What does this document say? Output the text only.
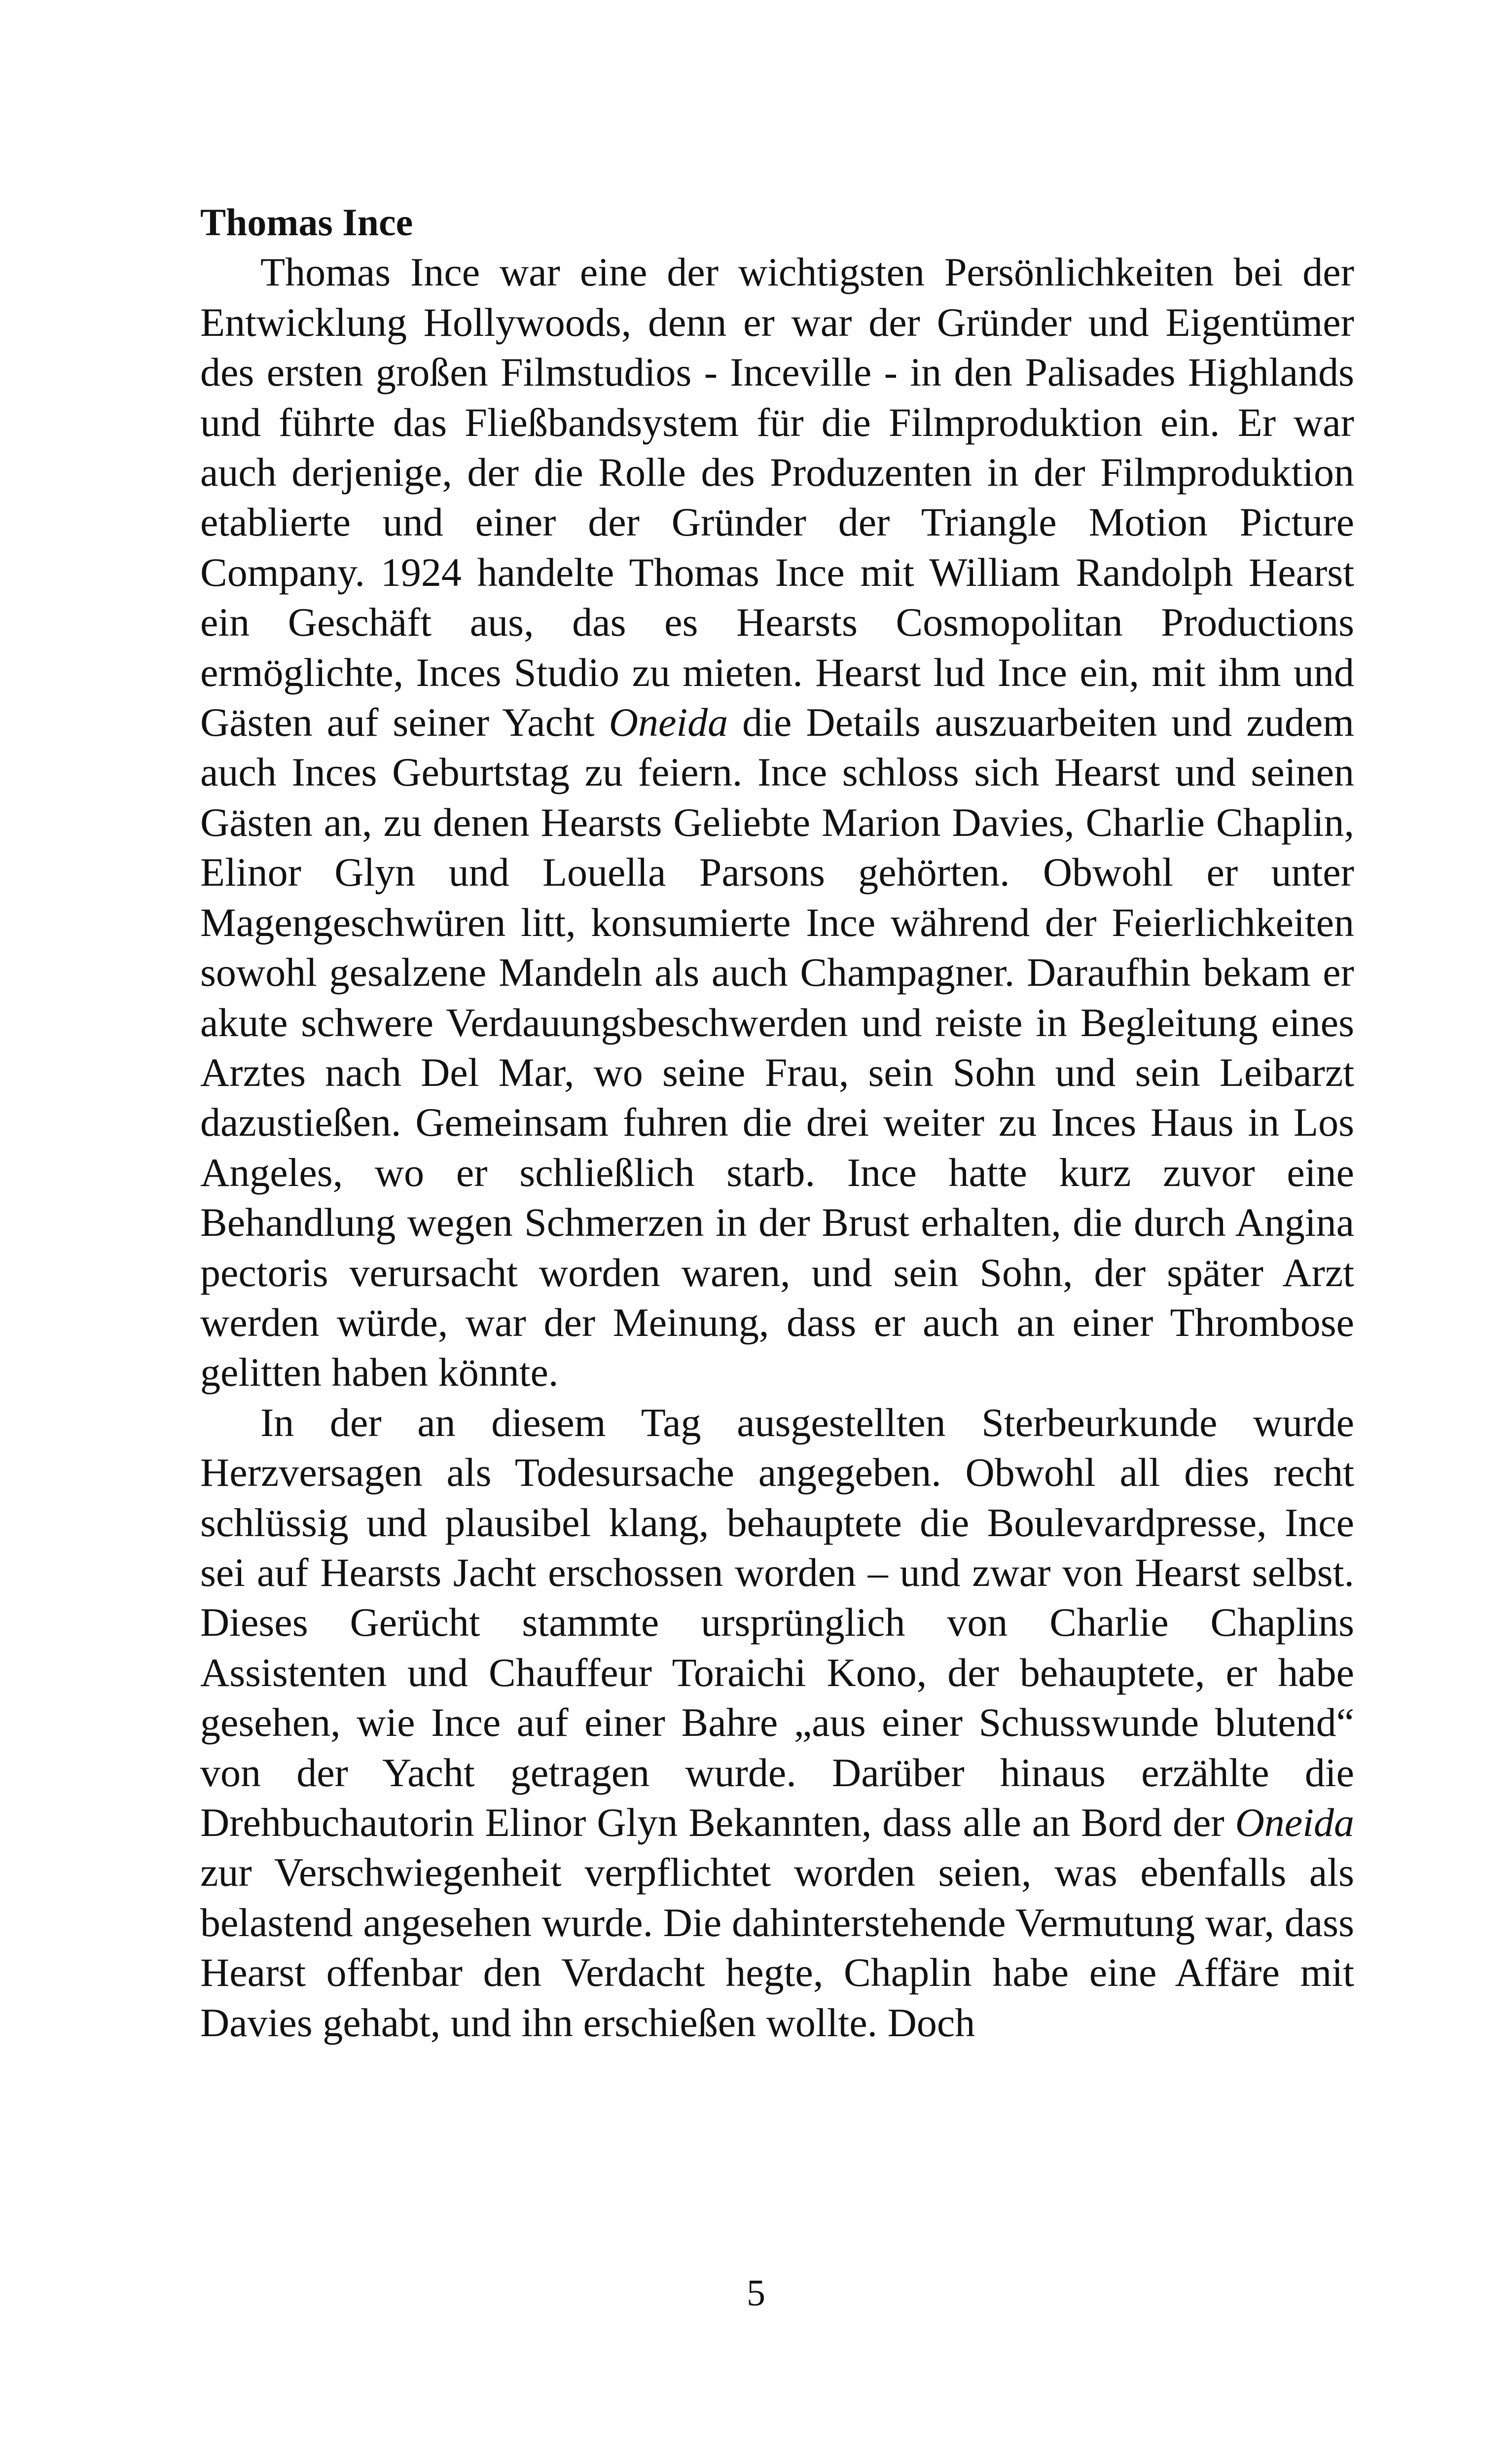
Thomas Ince

Thomas Ince war eine der wichtigsten Persönlichkeiten bei der Entwicklung Hollywoods, denn er war der Gründer und Eigentümer des ersten großen Filmstudios - Inceville - in den Palisades Highlands und führte das Fließbandsystem für die Filmproduktion ein. Er war auch derjenige, der die Rolle des Produzenten in der Filmproduktion etablierte und einer der Gründer der Triangle Motion Picture Company. 1924 handelte Thomas Ince mit William Randolph Hearst ein Geschäft aus, das es Hearsts Cosmopolitan Productions ermöglichte, Inces Studio zu mieten. Hearst lud Ince ein, mit ihm und Gästen auf seiner Yacht Oneida die Details auszuarbeiten und zudem auch Inces Geburtstag zu feiern. Ince schloss sich Hearst und seinen Gästen an, zu denen Hearsts Geliebte Marion Davies, Charlie Chaplin, Elinor Glyn und Louella Parsons gehörten. Obwohl er unter Magengeschwüren litt, konsumierte Ince während der Feierlichkeiten sowohl gesalzene Mandeln als auch Champagner. Daraufhin bekam er akute schwere Verdauungsbeschwerden und reiste in Begleitung eines Arztes nach Del Mar, wo seine Frau, sein Sohn und sein Leibarzt dazustießen. Gemeinsam fuhren die drei weiter zu Inces Haus in Los Angeles, wo er schließlich starb. Ince hatte kurz zuvor eine Behandlung wegen Schmerzen in der Brust erhalten, die durch Angina pectoris verursacht worden waren, und sein Sohn, der später Arzt werden würde, war der Meinung, dass er auch an einer Thrombose gelitten haben könnte.

In der an diesem Tag ausgestellten Sterbeurkunde wurde Herzversagen als Todesursache angegeben. Obwohl all dies recht schlüssig und plausibel klang, behauptete die Boulevardpresse, Ince sei auf Hearsts Jacht erschossen worden – und zwar von Hearst selbst. Dieses Gerücht stammte ursprünglich von Charlie Chaplins Assistenten und Chauffeur Toraichi Kono, der behauptete, er habe gesehen, wie Ince auf einer Bahre „aus einer Schusswunde blutend“ von der Yacht getragen wurde. Darüber hinaus erzählte die Drehbuchautorin Elinor Glyn Bekannten, dass alle an Bord der Oneida zur Verschwiegenheit verpflichtet worden seien, was ebenfalls als belastend angesehen wurde. Die dahinterstehende Vermutung war, dass Hearst offenbar den Verdacht hegte, Chaplin habe eine Affäre mit Davies gehabt, und ihn erschießen wollte. Doch

5
